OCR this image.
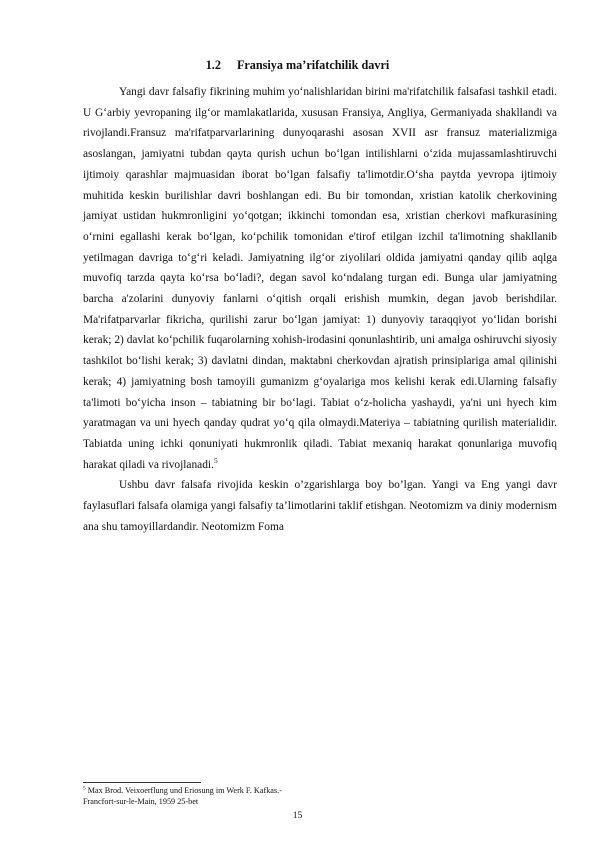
1.2 Fransiya ma’rifatchilik davri

Yangi davr falsafiy fikrining muhim yo‘nalishlaridan birini ma'rifatchilik falsafasi tashkil etadi. U G‘arbiy yevropaning ilg‘or mamlakatlarida, xususan Fransiya, Angliya, Germaniyada shakllandi va rivojlandi.Fransuz ma'rifatparvarlarining dunyoqarashi asosan XVII asr fransuz materializmiga asoslangan, jamiyatni tubdan qayta qurish uchun bo‘lgan intilishlarni o‘zida mujassamlashtiruvchi ijtimoiy qarashlar majmuasidan iborat bo‘lgan falsafiy ta'limotdir.O‘sha paytda yevropa ijtimoiy muhitida keskin burilishlar davri boshlangan edi. Bu bir tomondan, xristian katolik cherkovining jamiyat ustidan hukmronligini yo‘qotgan; ikkinchi tomondan esa, xristian cherkovi mafkurasining o‘rnini egallashi kerak bo‘lgan, ko‘pchilik tomonidan e'tirof etilgan izchil ta'limotning shakllanib yetilmagan davriga to‘g‘ri keladi. Jamiyatning ilg‘or ziyolilari oldida jamiyatni qanday qilib aqlga muvofiq tarzda qayta ko‘rsa bo‘ladi?, degan savol ko‘ndalang turgan edi. Bunga ular jamiyatning barcha a'zolarini dunyoviy fanlarni o‘qitish orqali erishish mumkin, degan javob berishdilar. Ma'rifatparvarlar fikricha, qurilishi zarur bo‘lgan jamiyat: 1) dunyoviy taraqqiyot yo‘lidan borishi kerak; 2) davlat ko‘pchilik fuqarolarning xohish-irodasini qonunlashtirib, uni amalga oshiruvchi siyosiy tashkilot bo‘lishi kerak; 3) davlatni dindan, maktabni cherkovdan ajratish prinsiplariga amal qilinishi kerak; 4) jamiyatning bosh tamoyili gumanizm g‘oyalariga mos kelishi kerak edi.Ularning falsafiy ta'limoti bo‘yicha inson – tabiatning bir bo‘lagi. Tabiat o‘z-holicha yashaydi, ya'ni uni hyech kim yaratmagan va uni hyech qanday qudrat yo‘q qila olmaydi.Materiya – tabiatning qurilish materialidir. Tabiatda uning ichki qonuniyati hukmronlik qiladi. Tabiat mexaniq harakat qonunlariga muvofiq harakat qiladi va rivojlanadi.$^5$

Ushbu davr falsafa rivojida keskin o’zgarishlarga boy bo’lgan. Yangi va Eng yangi davr faylasuflari falsafa olamiga yangi falsafiy ta’limotlarini taklif etishgan. Neotomizm va diniy modernism ana shu tamoyillardandir. Neotomizm Foma

$^5$ Max Brod. Veixoerflung und Eriosung im Werk F. Kafkas.-
Francfort-sur-le-Main, 1959 25-bet
15
